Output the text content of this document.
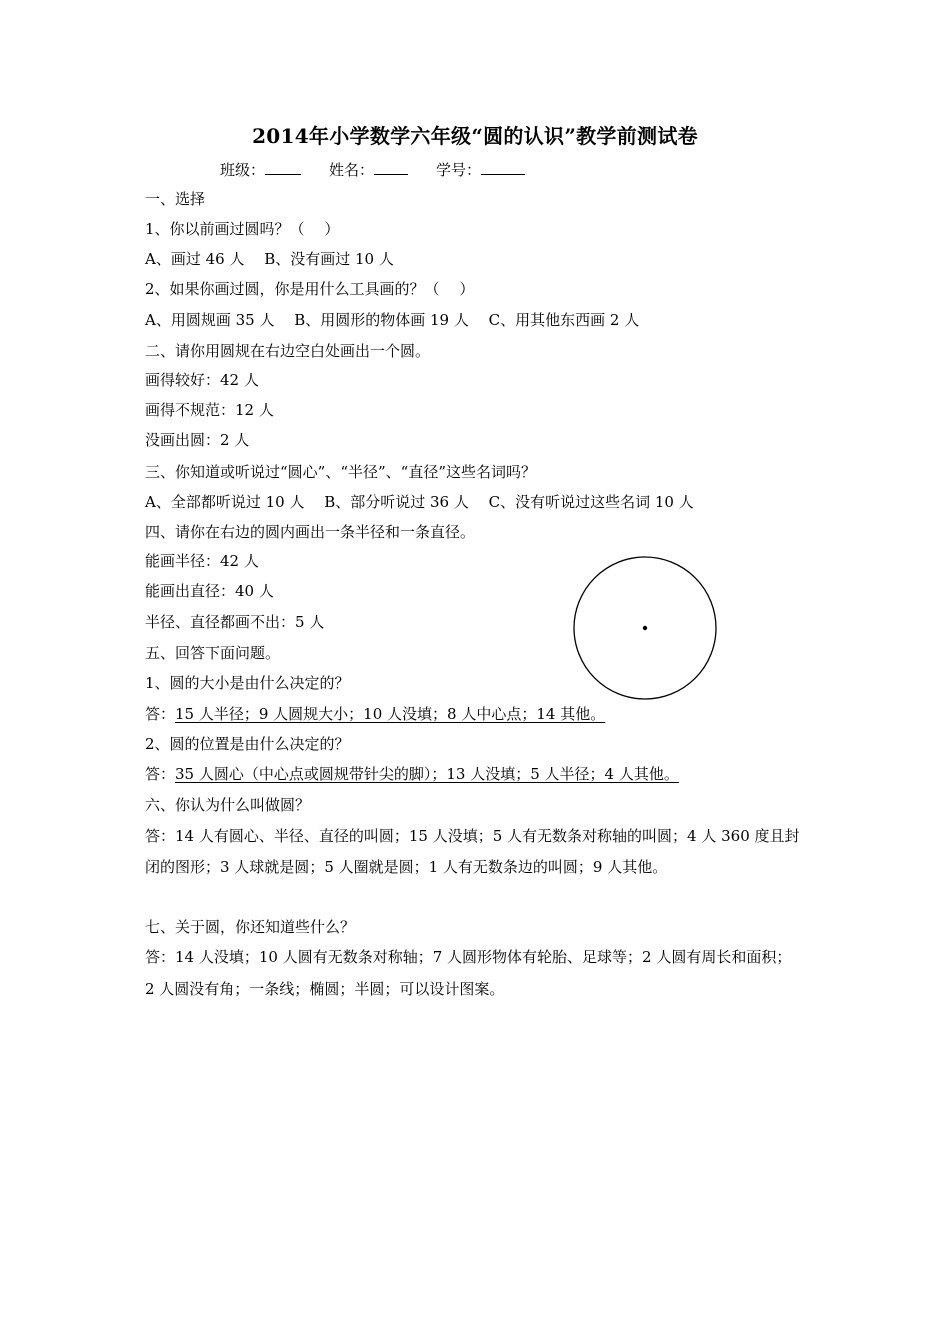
2014年小学数学六年级“圆的认识”教学前测试卷
班级：	姓名：	学号：
一、选择
1、你以前画过圆吗？（　 ）
A、画过 46 人　 B、没有画过 10 人
2、如果你画过圆，你是用什么工具画的？（　 ）
A、用圆规画 35 人　 B、用圆形的物体画 19 人　 C、用其他东西画 2 人
二、请你用圆规在右边空白处画出一个圆。
画得较好：42 人
画得不规范：12 人
没画出圆：2 人
三、你知道或听说过“圆心”、“半径”、“直径”这些名词吗？
A、全部都听说过 10 人　 B、部分听说过 36 人　 C、没有听说过这些名词 10 人
四、请你在右边的圆内画出一条半径和一条直径。
能画半径：42 人
能画出直径：40 人
半径、直径都画不出：5 人
五、回答下面问题。
1、圆的大小是由什么决定的？
答：15 人半径；9 人圆规大小；10 人没填；8 人中心点；14 其他。
2、圆的位置是由什么决定的？
答：35 人圆心（中心点或圆规带针尖的脚）；13 人没填；5 人半径；4 人其他。
六、你认为什么叫做圆？
答：14 人有圆心、半径、直径的叫圆；15 人没填；5 人有无数条对称轴的叫圆；4 人 360 度且封
闭的图形；3 人球就是圆；5 人圈就是圆；1 人有无数条边的叫圆；9 人其他。
七、关于圆，你还知道些什么？
答：14 人没填；10 人圆有无数条对称轴；7 人圆形物体有轮胎、足球等；2 人圆有周长和面积；
2 人圆没有角；一条线；椭圆；半圆；可以设计图案。
